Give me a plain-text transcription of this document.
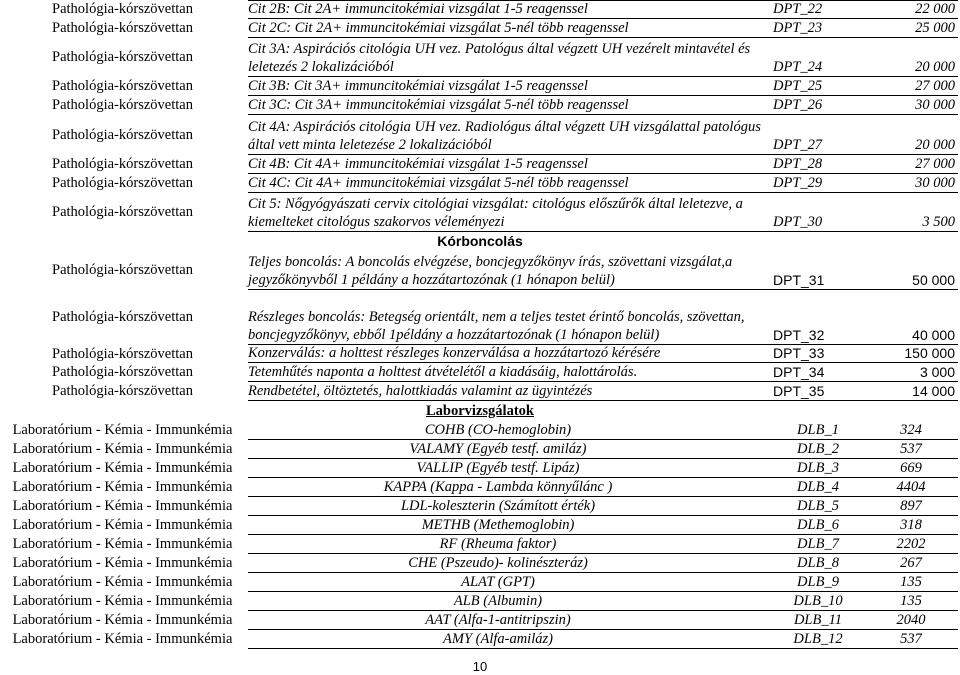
Pathológia-kórszövettan	Cit 2B: Cit 2A+ immuncitokémiai vizsgálat 1-5 reagenssel	DPT_22	22 000
Pathológia-kórszövettan	Cit 2C: Cit 2A+ immuncitokémiai vizsgálat 5-nél több reagenssel	DPT_23	25 000
Pathológia-kórszövettan	Cit 3A: Aspirációs citológia UH vez. Patológus által végzett UH vezérelt mintavétel és
leletezés 2 lokalizációból	DPT_24	20 000
Pathológia-kórszövettan	Cit 3B: Cit 3A+ immuncitokémiai vizsgálat 1-5 reagenssel	DPT_25	27 000
Pathológia-kórszövettan	Cit 3C: Cit 3A+ immuncitokémiai vizsgálat 5-nél több reagenssel	DPT_26	30 000
Pathológia-kórszövettan	Cit 4A: Aspirációs citológia UH vez. Radiológus által végzett UH vizsgálattal patológus
által vett minta leletezése 2 lokalizációból	DPT_27	20 000
Pathológia-kórszövettan	Cit 4B: Cit 4A+ immuncitokémiai vizsgálat 1-5 reagenssel	DPT_28	27 000
Pathológia-kórszövettan	Cit 4C: Cit 4A+ immuncitokémiai vizsgálat 5-nél több reagenssel	DPT_29	30 000
Pathológia-kórszövettan	Cit 5: Nőgyógyászati cervix citológiai vizsgálat: citológus előszűrők által leletezve, a
kiemelteket citológus szakorvos véleményezi	DPT_30	3 500
Kórboncolás
Pathológia-kórszövettan	Teljes boncolás: A boncolás elvégzése, boncjegyzőkönyv írás, szövettani vizsgálat,a
jegyzőkönyvből 1 példány a hozzátartozónak (1 hónapon belül)	DPT_31	50 000
Pathológia-kórszövettan	Részleges boncolás: Betegség orientált, nem a teljes testet érintő boncolás, szövettan,
boncjegyzőkönyv, ebből 1példány a hozzátartozónak (1 hónapon belül)	DPT_32	40 000
Pathológia-kórszövettan	Konzerválás: a holttest részleges konzerválása a hozzátartozó kérésére	DPT_33	150 000
Pathológia-kórszövettan	Tetemhűtés naponta a holttest átvételétől a kiadásáig, halottárolás.	DPT_34	3 000
Pathológia-kórszövettan	Rendbetétel, öltöztetés, halottkiadás valamint az ügyintézés	DPT_35	14 000
Laborvizsgálatok
Laboratórium - Kémia - Immunkémia	COHB (CO-hemoglobin)	DLB_1	324
Laboratórium - Kémia - Immunkémia	VALAMY (Egyéb testf. amiláz)	DLB_2	537
Laboratórium - Kémia - Immunkémia	VALLIP (Egyéb testf. Lipáz)	DLB_3	669
Laboratórium - Kémia - Immunkémia	KAPPA (Kappa - Lambda könnyűlánc )	DLB_4	4404
Laboratórium - Kémia - Immunkémia	LDL-koleszterin (Számított érték)	DLB_5	897
Laboratórium - Kémia - Immunkémia	METHB (Methemoglobin)	DLB_6	318
Laboratórium - Kémia - Immunkémia	RF (Rheuma faktor)	DLB_7	2202
Laboratórium - Kémia - Immunkémia	CHE (Pszeudo)- kolinészteráz)	DLB_8	267
Laboratórium - Kémia - Immunkémia	ALAT (GPT)	DLB_9	135
Laboratórium - Kémia - Immunkémia	ALB (Albumin)	DLB_10	135
Laboratórium - Kémia - Immunkémia	AAT (Alfa-1-antitripszin)	DLB_11	2040
Laboratórium - Kémia - Immunkémia	AMY (Alfa-amiláz)	DLB_12	537
10
